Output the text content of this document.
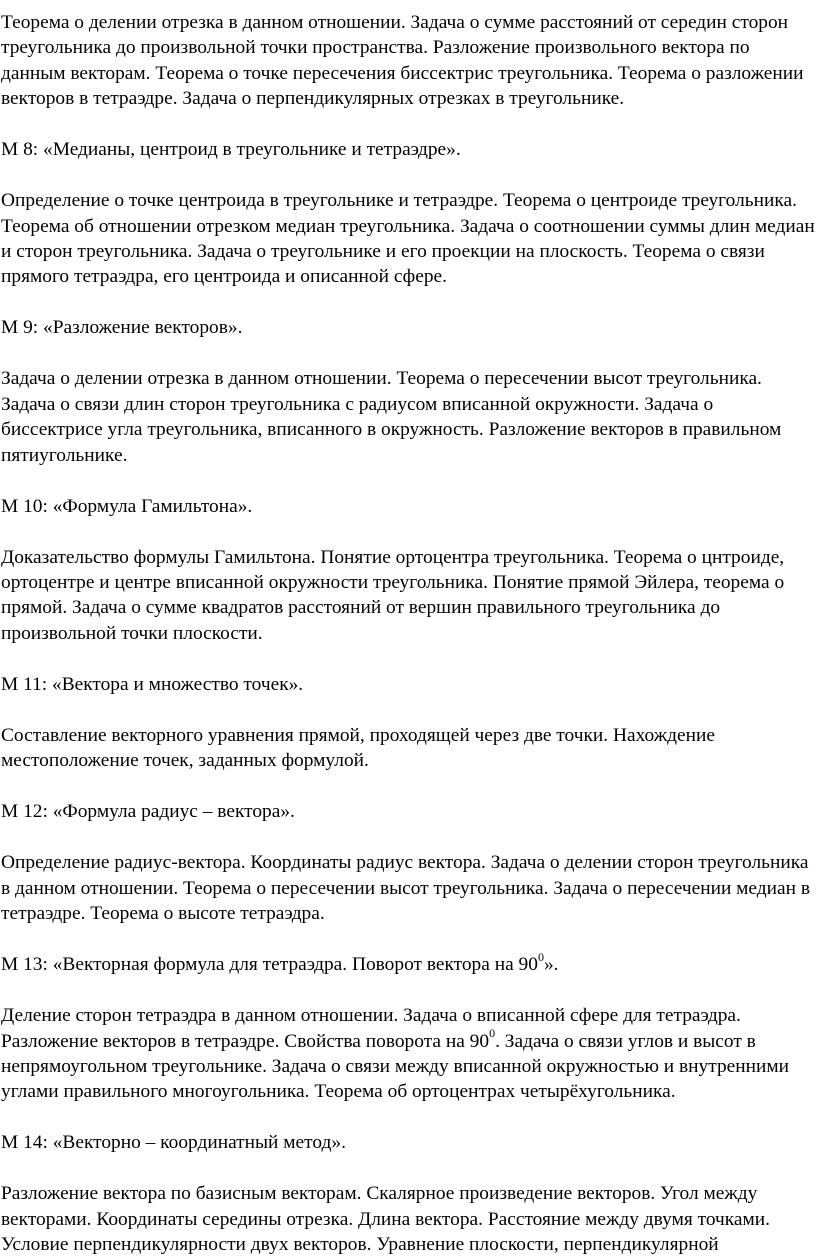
Теорема о делении отрезка в данном отношении. Задача о сумме расстояний от середин сторон треугольника до произвольной точки пространства. Разложение произвольного вектора по данным векторам. Теорема о точке пересечения биссектрис треугольника. Теорема о разложении векторов в тетраэдре. Задача о перпендикулярных отрезках в треугольнике.

М 8: «Медианы, центроид в треугольнике и тетраэдре».

Определение о точке центроида в треугольнике и тетраэдре. Теорема о центроиде треугольника. Теорема об отношении отрезком медиан треугольника. Задача о соотношении суммы длин медиан и сторон треугольника. Задача о треугольнике и его проекции на плоскость. Теорема о связи прямого тетраэдра, его центроида и описанной сфере.

М 9: «Разложение векторов».

Задача о делении отрезка в данном отношении. Теорема о пересечении высот треугольника. Задача о связи длин сторон треугольника с радиусом вписанной окружности. Задача о биссектрисе угла треугольника, вписанного в окружность. Разложение векторов в правильном пятиугольнике.

М 10: «Формула Гамильтона».

Доказательство формулы Гамильтона. Понятие ортоцентра треугольника. Теорема о цнтроиде, ортоцентре и центре вписанной окружности треугольника. Понятие прямой Эйлера, теорема о прямой. Задача о сумме квадратов расстояний от вершин правильного треугольника до произвольной точки плоскости.

М 11: «Вектора и множество точек».

Составление векторного уравнения прямой, проходящей через две точки. Нахождение местоположение точек, заданных формулой.

М 12: «Формула радиус – вектора».

Определение радиус-вектора. Координаты радиус вектора. Задача о делении сторон треугольника в данном отношении. Теорема о пересечении высот треугольника. Задача о пересечении медиан в тетраэдре. Теорема о высоте тетраэдра.

М 13: «Векторная формула для тетраэдра. Поворот вектора на $90^0$».

Деление сторон тетраэдра в данном отношении. Задача о вписанной сфере для тетраэдра. Разложение векторов в тетраэдре. Свойства поворота на $90^0$. Задача о связи углов и высот в непрямоугольном треугольнике. Задача о связи между вписанной окружностью и внутренними углами правильного многоугольника. Теорема об ортоцентрах четырёхугольника.

М 14: «Векторно – координатный метод».

Разложение вектора по базисным векторам. Скалярное произведение векторов. Угол между векторами. Координаты середины отрезка. Длина вектора. Расстояние между двумя точками. Условие перпендикулярности двух векторов. Уравнение плоскости, перпендикулярной
